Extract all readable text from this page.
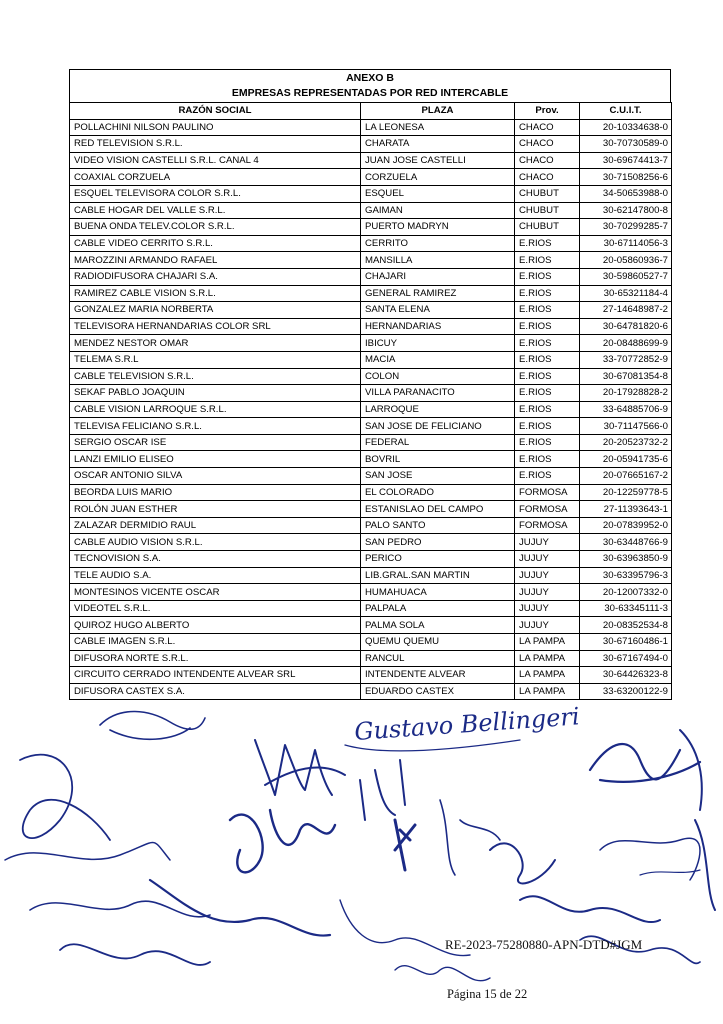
ANEXO B
EMPRESAS REPRESENTADAS POR RED INTERCABLE
RAZÓN SOCIAL	PLAZA	Prov.	C.U.I.T.
POLLACHINI NILSON PAULINO	LA LEONESA	CHACO	20-10334638-0
RED TELEVISION S.R.L.	CHARATA	CHACO	30-70730589-0
VIDEO VISION CASTELLI S.R.L. CANAL 4	JUAN JOSE CASTELLI	CHACO	30-69674413-7
COAXIAL CORZUELA	CORZUELA	CHACO	30-71508256-6
ESQUEL TELEVISORA COLOR S.R.L.	ESQUEL	CHUBUT	34-50653988-0
CABLE HOGAR DEL VALLE S.R.L.	GAIMAN	CHUBUT	30-62147800-8
BUENA ONDA TELEV.COLOR S.R.L.	PUERTO MADRYN	CHUBUT	30-70299285-7
CABLE VIDEO CERRITO S.R.L.	CERRITO	E.RIOS	30-67114056-3
MAROZZINI ARMANDO RAFAEL	MANSILLA	E.RIOS	20-05860936-7
RADIODIFUSORA CHAJARI S.A.	CHAJARI	E.RIOS	30-59860527-7
RAMIREZ CABLE VISION S.R.L.	GENERAL RAMIREZ	E.RIOS	30-65321184-4
GONZALEZ MARIA NORBERTA	SANTA ELENA	E.RIOS	27-14648987-2
TELEVISORA HERNANDARIAS COLOR SRL	HERNANDARIAS	E.RIOS	30-64781820-6
MENDEZ NESTOR OMAR	IBICUY	E.RIOS	20-08488699-9
TELEMA S.R.L	MACIA	E.RIOS	33-70772852-9
CABLE TELEVISION S.R.L.	COLON	E.RIOS	30-67081354-8
SEKAF PABLO JOAQUIN	VILLA PARANACITO	E.RIOS	20-17928828-2
CABLE VISION LARROQUE S.R.L.	LARROQUE	E.RIOS	33-64885706-9
TELEVISA FELICIANO S.R.L.	SAN JOSE DE FELICIANO	E.RIOS	30-71147566-0
SERGIO OSCAR ISE	FEDERAL	E.RIOS	20-20523732-2
LANZI EMILIO ELISEO	BOVRIL	E.RIOS	20-05941735-6
OSCAR ANTONIO SILVA	SAN JOSE	E.RIOS	20-07665167-2
BEORDA LUIS MARIO	EL COLORADO	FORMOSA	20-12259778-5
ROLÓN JUAN ESTHER	ESTANISLAO DEL CAMPO	FORMOSA	27-11393643-1
ZALAZAR DERMIDIO RAUL	PALO SANTO	FORMOSA	20-07839952-0
CABLE AUDIO VISION S.R.L.	SAN PEDRO	JUJUY	30-63448766-9
TECNOVISION S.A.	PERICO	JUJUY	30-63963850-9
TELE AUDIO S.A.	LIB.GRAL.SAN MARTIN	JUJUY	30-63395796-3
MONTESINOS VICENTE OSCAR	HUMAHUACA	JUJUY	20-12007332-0
VIDEOTEL S.R.L.	PALPALA	JUJUY	30-63345111-3
QUIROZ HUGO ALBERTO	PALMA SOLA	JUJUY	20-08352534-8
CABLE IMAGEN S.R.L.	QUEMU QUEMU	LA PAMPA	30-67160486-1
DIFUSORA NORTE S.R.L.	RANCUL	LA PAMPA	30-67167494-0
CIRCUITO CERRADO INTENDENTE ALVEAR SRL	INTENDENTE ALVEAR	LA PAMPA	30-64426323-8
DIFUSORA CASTEX S.A.	EDUARDO CASTEX	LA PAMPA	33-63200122-9
Gustavo Bellingeri
RE-2023-75280880-APN-DTD#JGM
Página 15 de 22
